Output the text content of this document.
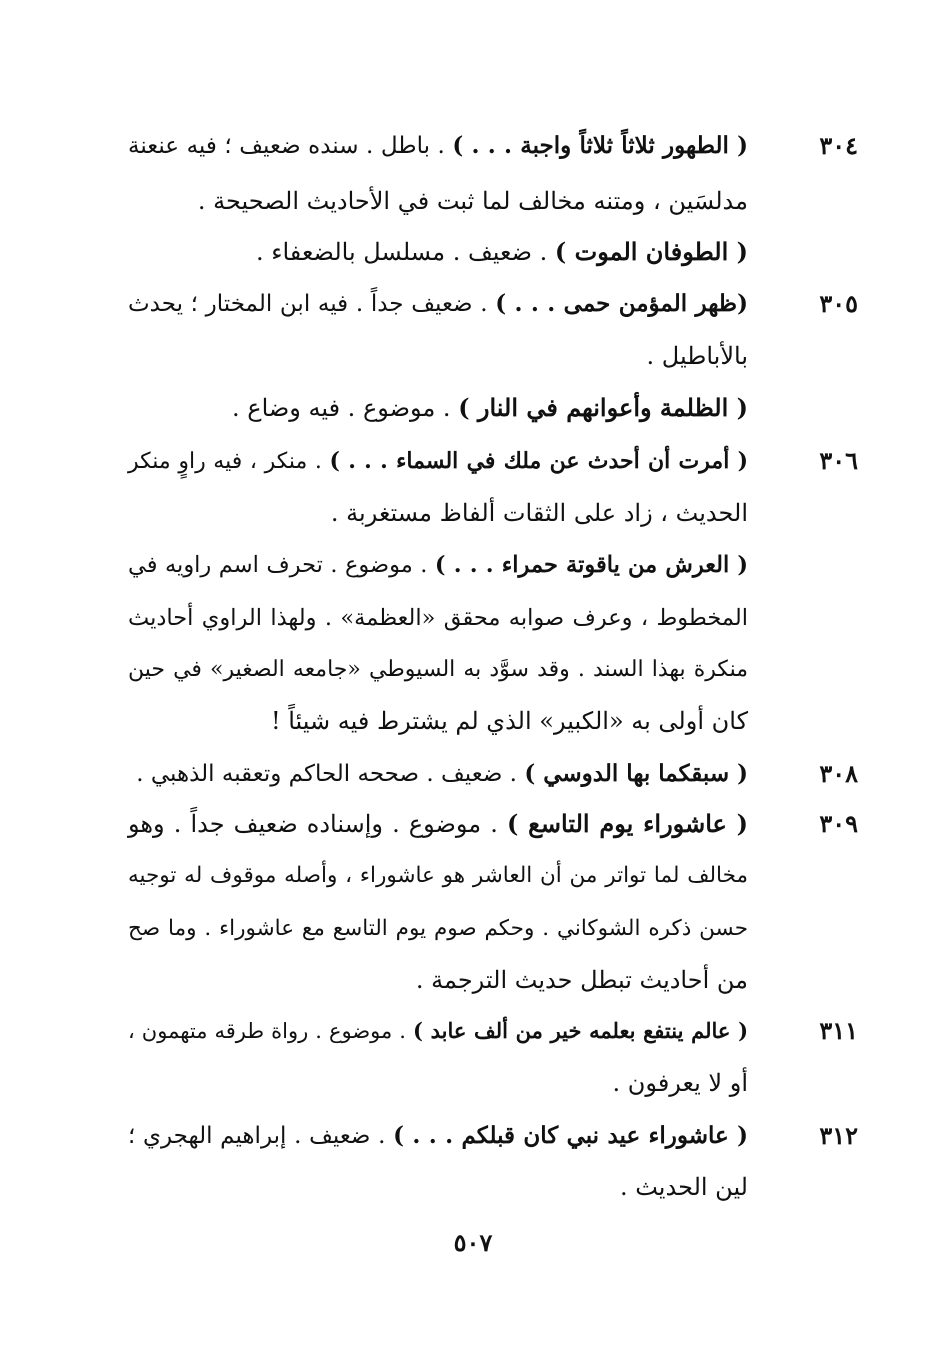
٣٠٤
( الطهور ثلاثاً ثلاثاً واجبة . . . ) . باطل . سنده ضعيف ؛ فيه عنعنة
مدلسَين ، ومتنه مخالف لما ثبت في الأحاديث الصحيحة .
( الطوفان الموت ) . ضعيف . مسلسل بالضعفاء .
٣٠٥
(ظهر المؤمن حمى . . . ) . ضعيف جداً . فيه ابن المختار ؛ يحدث
بالأباطيل .
( الظلمة وأعوانهم في النار ) . موضوع . فيه وضاع .
٣٠٦
( أمرت أن أحدث عن ملك في السماء . . . ) . منكر ، فيه راوٍ منكر
الحديث ، زاد على الثقات ألفاظ مستغربة .
( العرش من ياقوتة حمراء . . . ) . موضوع . تحرف اسم راويه في
المخطوط ، وعرف صوابه محقق «العظمة» . ولهذا الراوي أحاديث
منكرة بهذا السند . وقد سوَّد به السيوطي «جامعه الصغير» في حين
كان أولى به «الكبير» الذي لم يشترط فيه شيئاً !
٣٠٨
( سبقكما بها الدوسي ) . ضعيف . صححه الحاكم وتعقبه الذهبي .
٣٠٩
( عاشوراء يوم التاسع ) . موضوع . وإسناده ضعيف جداً . وهو
مخالف لما تواتر من أن العاشر هو عاشوراء ، وأصله موقوف له توجيه
حسن ذكره الشوكاني . وحكم صوم يوم التاسع مع عاشوراء . وما صح
من أحاديث تبطل حديث الترجمة .
٣١١
( عالم ينتفع بعلمه خير من ألف عابد ) . موضوع . رواة طرقه متهمون ،
أو لا يعرفون .
٣١٢
( عاشوراء عيد نبي كان قبلكم . . . ) . ضعيف . إبراهيم الهجري ؛
لين الحديث .
٥٠٧
